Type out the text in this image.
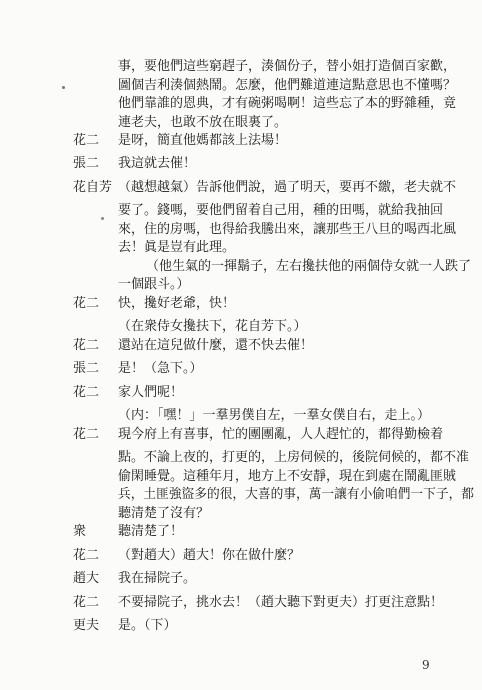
事，要他們這些窮趕子，湊個份子，替小姐打造個百家歡，
圖個吉利湊個熱鬧。怎麼，他們難道連這點意思也不懂嗎？
他們靠誰的恩典，才有碗粥喝啊！這些忘了本的野雜種，竟
連老夫，也敢不放在眼裏了。
花二	是呀，簡直他媽都該上法場！
張二	我這就去催！
花自芳 （越想越氣）告訴他們說，過了明天，要再不繳，老夫就不
要了。錢嗎，要他們留着自己用，種的田嗎，就給我抽回
來，住的房嗎，也得給我騰出來，讓那些王八旦的喝西北風
去！眞是豈有此理。
（他生氣的一揮鬍子，左右攙扶他的兩個侍女就一人跌了
一個跟斗。）
花二	快，攙好老爺，快！
（在衆侍女攙扶下，花自芳下。）
花二	還站在這兒做什麼，還不快去催！
張二	是！（急下。）
花二	家人們呢！
（内：「嘿！」一羣男僕自左，一羣女僕自右，走上。）
花二	現今府上有喜事，忙的團團亂，人人趕忙的，都得勤檢着
點。不論上夜的，打更的，上房伺候的，後院伺候的，都不准
偷閑睡覺。這種年月，地方上不安靜，現在到處在鬧亂匪賊
兵，土匪強盜多的很，大喜的事，萬一讓有小偷咱們一下子，都
聽清楚了沒有？
衆	聽清楚了！
花二	（對趙大）趙大！你在做什麼？
趙大	我在掃院子。
花二	不要掃院子，挑水去！（趙大聽下對更夫）打更注意點！
更夫	是。（下）
9
